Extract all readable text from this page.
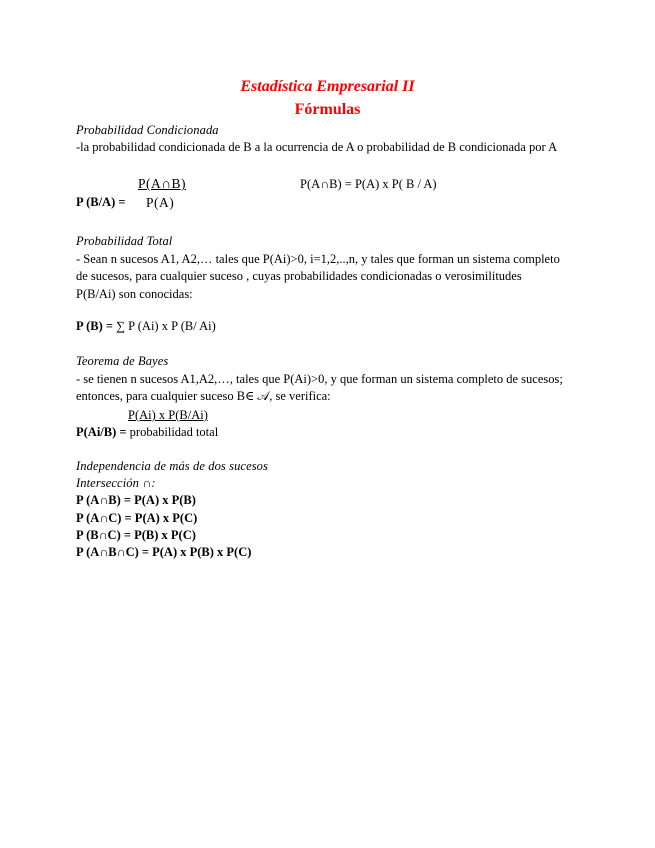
Estadística Empresarial II
Fórmulas
Probabilidad Condicionada
-la probabilidad condicionada de B a la ocurrencia de A o probabilidad de B condicionada por A
P(A∩B)	P(A∩B) = P(A) x P( B / A)
P (B/A) = P(A)
Probabilidad Total
- Sean n sucesos A1, A2,… tales que P(Ai)>0, i=1,2,..,n, y tales que forman un sistema completo
de sucesos, para cualquier suceso , cuyas probabilidades condicionadas o verosimilitudes
P(B/Ai) son conocidas:
P (B) = ∑ P (Ai) x P (B/ Ai)
Teorema de Bayes
- se tienen n sucesos A1,A2,…, tales que P(Ai)>0, y que forman un sistema completo de sucesos;
entonces, para cualquier suceso B∈ 𝒜, se verifica:
P(Ai) x P(B/Ai)
P(Ai/B) = probabilidad total
Independencia de más de dos sucesos
Intersección ∩:
P (A∩B) = P(A) x P(B)
P (A∩C) = P(A) x P(C)
P (B∩C) = P(B) x P(C)
P (A∩B∩C) = P(A) x P(B) x P(C)
